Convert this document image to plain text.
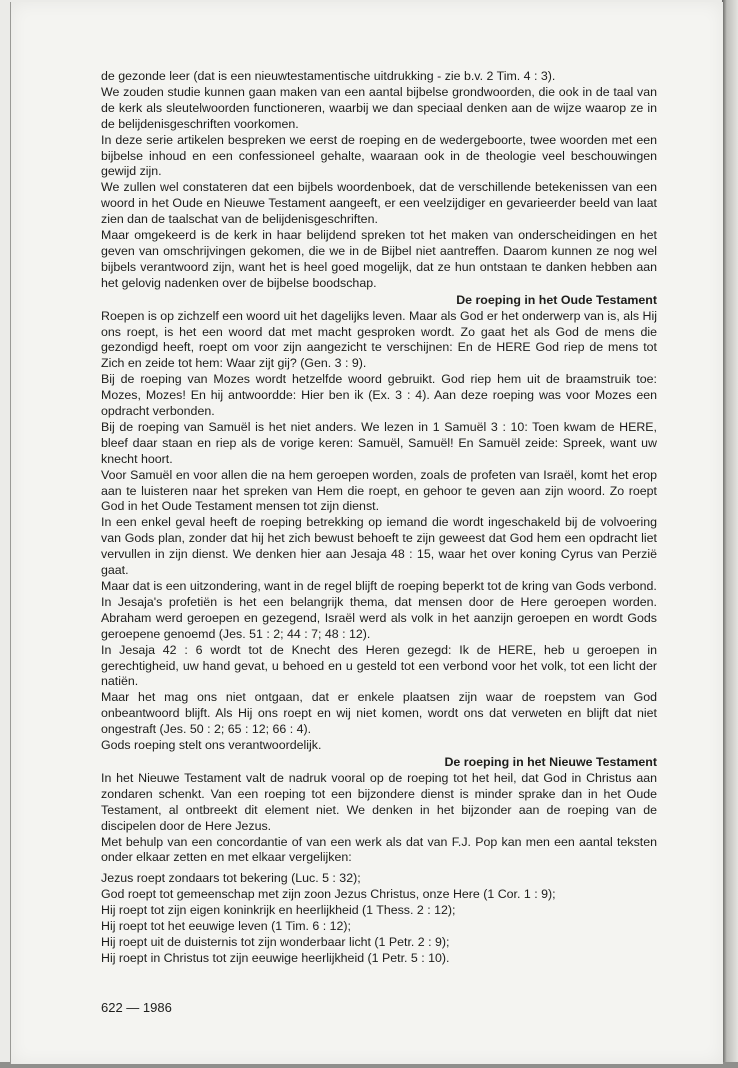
de gezonde leer (dat is een nieuwtestamentische uitdrukking - zie b.v. 2 Tim. 4 : 3).

We zouden studie kunnen gaan maken van een aantal bijbelse grondwoorden, die ook in de taal van de kerk als sleutelwoorden functioneren, waarbij we dan speciaal denken aan de wijze waarop ze in de belijdenisgeschriften voorkomen.

In deze serie artikelen bespreken we eerst de roeping en de wedergeboorte, twee woorden met een bijbelse inhoud en een confessioneel gehalte, waaraan ook in de theologie veel beschouwingen gewijd zijn.

We zullen wel constateren dat een bijbels woordenboek, dat de verschillende betekenissen van een woord in het Oude en Nieuwe Testament aangeeft, er een veelzijdiger en gevarieerder beeld van laat zien dan de taalschat van de belijdenisgeschriften.

Maar omgekeerd is de kerk in haar belijdend spreken tot het maken van onderscheidingen en het geven van omschrijvingen gekomen, die we in de Bijbel niet aantreffen. Daarom kunnen ze nog wel bijbels verantwoord zijn, want het is heel goed mogelijk, dat ze hun ontstaan te danken hebben aan het gelovig nadenken over de bijbelse boodschap.

De roeping in het Oude Testament

Roepen is op zichzelf een woord uit het dagelijks leven. Maar als God er het onderwerp van is, als Hij ons roept, is het een woord dat met macht gesproken wordt. Zo gaat het als God de mens die gezondigd heeft, roept om voor zijn aangezicht te verschijnen: En de HERE God riep de mens tot Zich en zeide tot hem: Waar zijt gij? (Gen. 3 : 9).

Bij de roeping van Mozes wordt hetzelfde woord gebruikt. God riep hem uit de braamstruik toe: Mozes, Mozes! En hij antwoordde: Hier ben ik (Ex. 3 : 4). Aan deze roeping was voor Mozes een opdracht verbonden.

Bij de roeping van Samuël is het niet anders. We lezen in 1 Samuël 3 : 10: Toen kwam de HERE, bleef daar staan en riep als de vorige keren: Samuël, Samuël! En Samuël zeide: Spreek, want uw knecht hoort.

Voor Samuël en voor allen die na hem geroepen worden, zoals de profeten van Israël, komt het erop aan te luisteren naar het spreken van Hem die roept, en gehoor te geven aan zijn woord. Zo roept God in het Oude Testament mensen tot zijn dienst.

In een enkel geval heeft de roeping betrekking op iemand die wordt ingeschakeld bij de volvoering van Gods plan, zonder dat hij het zich bewust behoeft te zijn geweest dat God hem een opdracht liet vervullen in zijn dienst. We denken hier aan Jesaja 48 : 15, waar het over koning Cyrus van Perzië gaat.

Maar dat is een uitzondering, want in de regel blijft de roeping beperkt tot de kring van Gods verbond.

In Jesaja's profetiën is het een belangrijk thema, dat mensen door de Here geroepen worden. Abraham werd geroepen en gezegend, Israël werd als volk in het aanzijn geroepen en wordt Gods geroepene genoemd (Jes. 51 : 2; 44 : 7; 48 : 12).

In Jesaja 42 : 6 wordt tot de Knecht des Heren gezegd: Ik de HERE, heb u geroepen in gerechtigheid, uw hand gevat, u behoed en u gesteld tot een verbond voor het volk, tot een licht der natiën.

Maar het mag ons niet ontgaan, dat er enkele plaatsen zijn waar de roepstem van God onbeantwoord blijft. Als Hij ons roept en wij niet komen, wordt ons dat verweten en blijft dat niet ongestraft (Jes. 50 : 2; 65 : 12; 66 : 4).

Gods roeping stelt ons verantwoordelijk.

De roeping in het Nieuwe Testament

In het Nieuwe Testament valt de nadruk vooral op de roeping tot het heil, dat God in Christus aan zondaren schenkt. Van een roeping tot een bijzondere dienst is minder sprake dan in het Oude Testament, al ontbreekt dit element niet. We denken in het bijzonder aan de roeping van de discipelen door de Here Jezus.

Met behulp van een concordantie of van een werk als dat van F.J. Pop kan men een aantal teksten onder elkaar zetten en met elkaar vergelijken:

Jezus roept zondaars tot bekering (Luc. 5 : 32);
God roept tot gemeenschap met zijn zoon Jezus Christus, onze Here (1 Cor. 1 : 9);
Hij roept tot zijn eigen koninkrijk en heerlijkheid (1 Thess. 2 : 12);
Hij roept tot het eeuwige leven (1 Tim. 6 : 12);
Hij roept uit de duisternis tot zijn wonderbaar licht (1 Petr. 2 : 9);
Hij roept in Christus tot zijn eeuwige heerlijkheid (1 Petr. 5 : 10).
622 — 1986
